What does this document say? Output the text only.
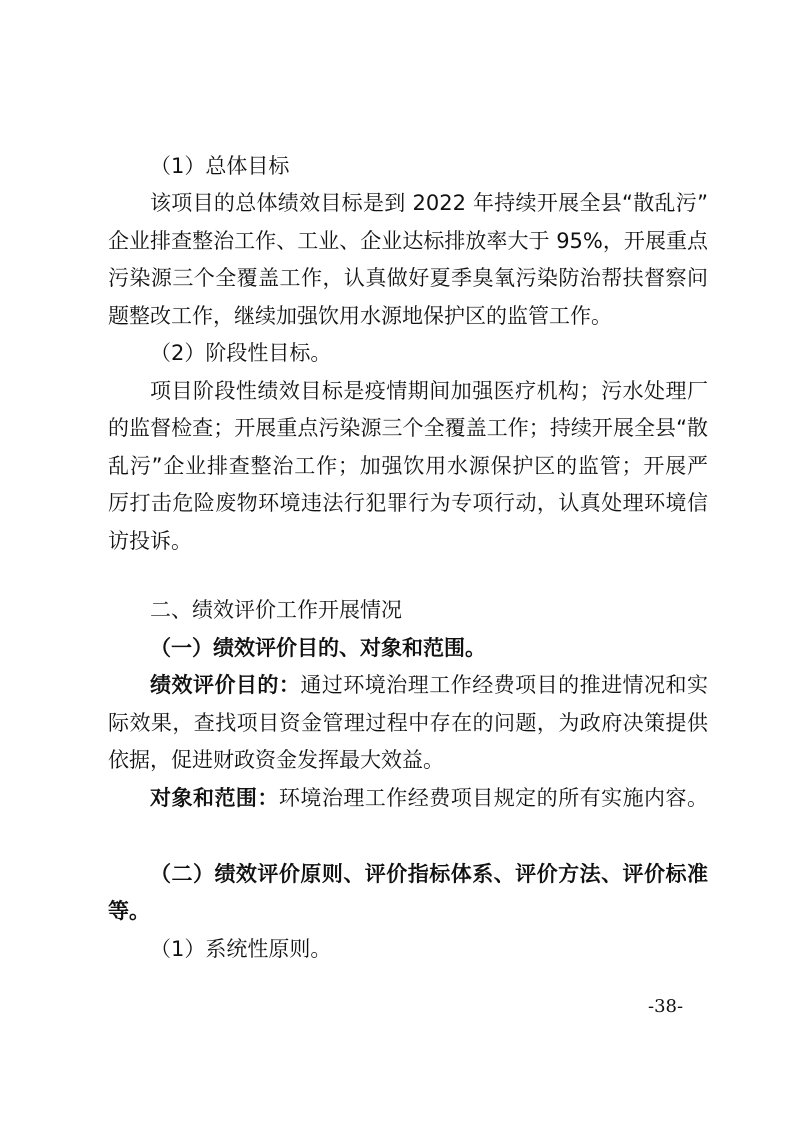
（1）总体目标

该项目的总体绩效目标是到 2022 年持续开展全县“散乱污”

企业排查整治工作、工业、企业达标排放率大于 95%，开展重点

污染源三个全覆盖工作，认真做好夏季臭氧污染防治帮扶督察问

题整改工作，继续加强饮用水源地保护区的监管工作。

（2）阶段性目标。

项目阶段性绩效目标是疫情期间加强医疗机构；污水处理厂

的监督检查；开展重点污染源三个全覆盖工作；持续开展全县“散

乱污”企业排查整治工作；加强饮用水源保护区的监管；开展严

厉打击危险废物环境违法行犯罪行为专项行动，认真处理环境信

访投诉。

二、绩效评价工作开展情况

（一）绩效评价目的、对象和范围。

绩效评价目的：通过环境治理工作经费项目的推进情况和实

际效果，查找项目资金管理过程中存在的问题，为政府决策提供

依据，促进财政资金发挥最大效益。

对象和范围：环境治理工作经费项目规定的所有实施内容。

（二）绩效评价原则、评价指标体系、评价方法、评价标准

等。

（1）系统性原则。

-38-
